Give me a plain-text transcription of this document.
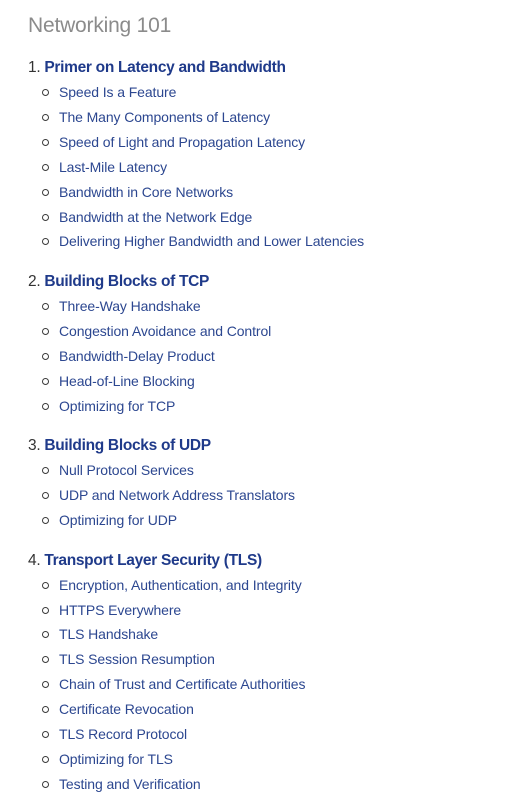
Networking 101
1. Primer on Latency and Bandwidth
Speed Is a Feature
The Many Components of Latency
Speed of Light and Propagation Latency
Last-Mile Latency
Bandwidth in Core Networks
Bandwidth at the Network Edge
Delivering Higher Bandwidth and Lower Latencies
2. Building Blocks of TCP
Three-Way Handshake
Congestion Avoidance and Control
Bandwidth-Delay Product
Head-of-Line Blocking
Optimizing for TCP
3. Building Blocks of UDP
Null Protocol Services
UDP and Network Address Translators
Optimizing for UDP
4. Transport Layer Security (TLS)
Encryption, Authentication, and Integrity
HTTPS Everywhere
TLS Handshake
TLS Session Resumption
Chain of Trust and Certificate Authorities
Certificate Revocation
TLS Record Protocol
Optimizing for TLS
Testing and Verification
